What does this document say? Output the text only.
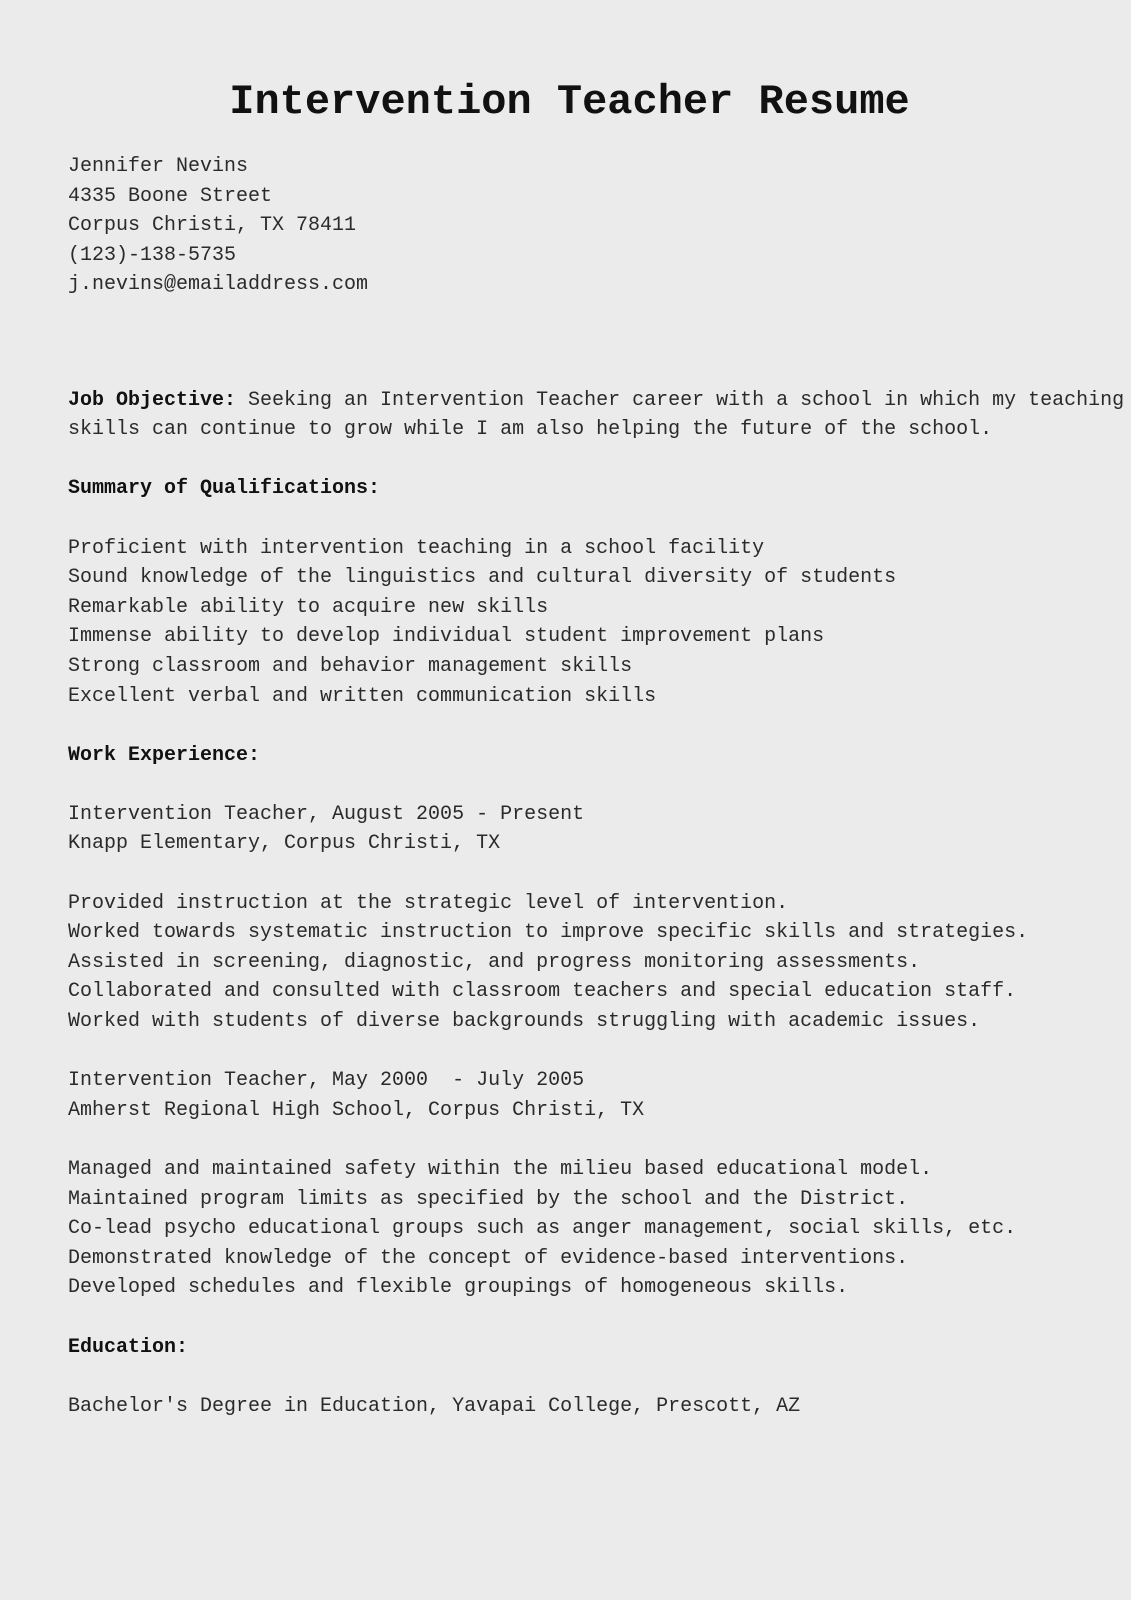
Intervention Teacher Resume
Jennifer Nevins
4335 Boone Street
Corpus Christi, TX 78411
(123)-138-5735
j.nevins@emailaddress.com
Job Objective: Seeking an Intervention Teacher career with a school in which my teaching
skills can continue to grow while I am also helping the future of the school.
Summary of Qualifications:
Proficient with intervention teaching in a school facility
Sound knowledge of the linguistics and cultural diversity of students
Remarkable ability to acquire new skills
Immense ability to develop individual student improvement plans
Strong classroom and behavior management skills
Excellent verbal and written communication skills
Work Experience:
Intervention Teacher, August 2005 - Present
Knapp Elementary, Corpus Christi, TX
Provided instruction at the strategic level of intervention.
Worked towards systematic instruction to improve specific skills and strategies.
Assisted in screening, diagnostic, and progress monitoring assessments.
Collaborated and consulted with classroom teachers and special education staff.
Worked with students of diverse backgrounds struggling with academic issues.
Intervention Teacher, May 2000  - July 2005
Amherst Regional High School, Corpus Christi, TX
Managed and maintained safety within the milieu based educational model.
Maintained program limits as specified by the school and the District.
Co-lead psycho educational groups such as anger management, social skills, etc.
Demonstrated knowledge of the concept of evidence-based interventions.
Developed schedules and flexible groupings of homogeneous skills.
Education:
Bachelor's Degree in Education, Yavapai College, Prescott, AZ
